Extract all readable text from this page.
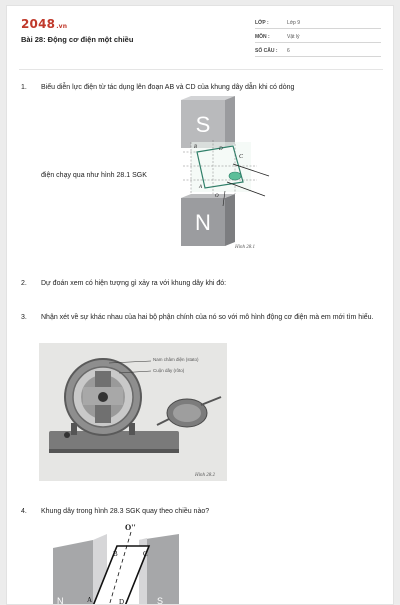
2048.vn
Bài 28: Động cơ điện một chiều
LỚP :	Lớp 9
MÔN :	Vật lý
SỐ CÂU : 6
1. Biểu diễn lực điện từ tác dụng lên đoạn AB và CD của khung dây dẫn khi có dòng
điện chạy qua như hình 28.1 SGK
S
N
C
B	D
A
O
Hình 28.1
2. Dự đoán xem có hiện tượng gì xảy ra với khung dây khi đó:
3. Nhận xét về sự khác nhau của hai bộ phận chính của nó so với mô hình động cơ điện mà em mới tìm hiểu.
Nam châm điện (stato)
Cuộn dây (rôto)
Hình 28.2
4. Khung dây trong hình 28.3 SGK quay theo chiều nào?
O''
B	C
A	D
N	S
